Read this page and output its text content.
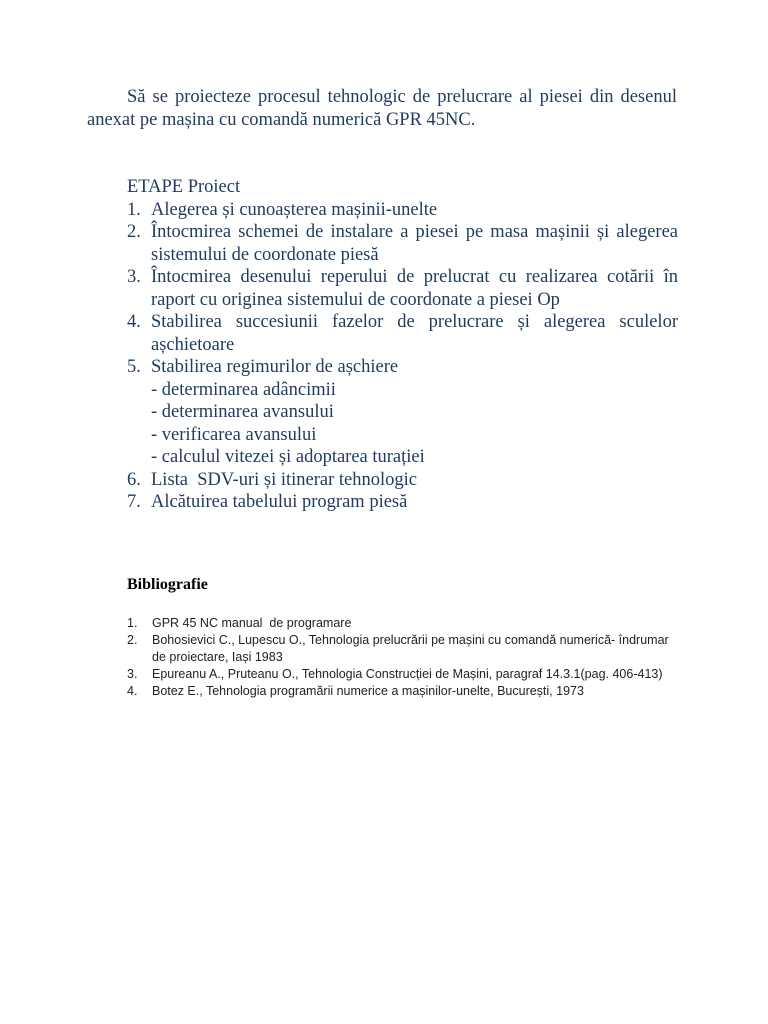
Să se proiecteze procesul tehnologic de prelucrare al piesei din desenul anexat pe mașina cu comandă numerică GPR 45NC.

ETAPE Proiect

1. Alegerea și cunoașterea mașinii-unelte
2. Întocmirea schemei de instalare a piesei pe masa mașinii și alegerea sistemului de coordonate piesă
3. Întocmirea desenului reperului de prelucrat cu realizarea cotării în raport cu originea sistemului de coordonate a piesei Op
4. Stabilirea succesiunii fazelor de prelucrare și alegerea sculelor așchietoare
5. Stabilirea regimurilor de așchiere
- determinarea adâncimii
- determinarea avansului
- verificarea avansului
- calculul vitezei și adoptarea turației
6. Lista  SDV-uri și itinerar tehnologic
7. Alcătuirea tabelului program piesă

Bibliografie

1. GPR 45 NC manual  de programare
2. Bohosievici C., Lupescu O., Tehnologia prelucrării pe mașini cu comandă numerică- îndrumar de proiectare, Iași 1983
3. Epureanu A., Pruteanu O., Tehnologia Construcției de Mașini, paragraf 14.3.1(pag. 406-413)
4. Botez E., Tehnologia programării numerice a mașinilor-unelte, București, 1973
